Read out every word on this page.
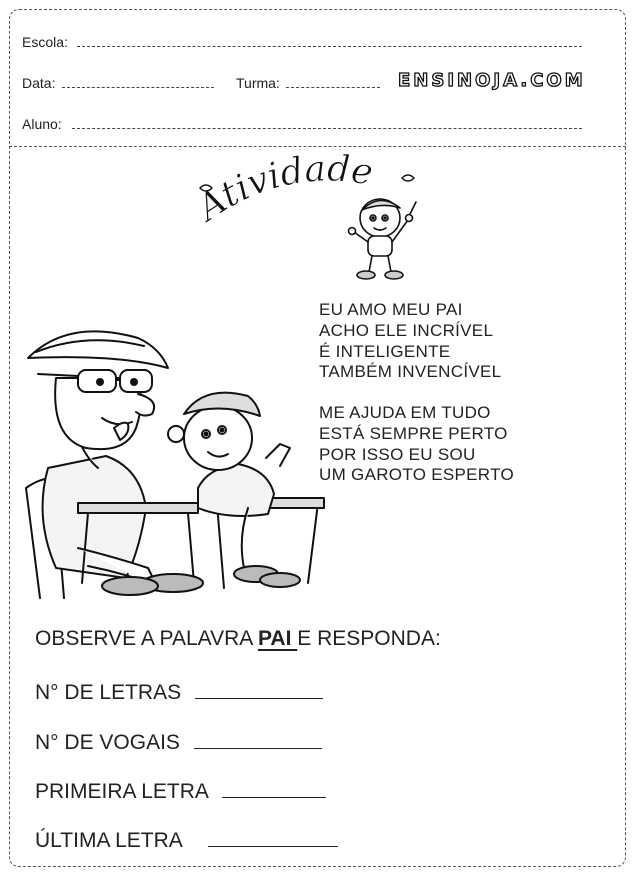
Escola:
Data:	Turma:	ENSINOJA.COM
Aluno:
Atividade
EU AMO MEU PAI
ACHO ELE INCRÍVEL
É INTELIGENTE
TAMBÉM INVENCÍVEL
ME AJUDA EM TUDO
ESTÁ SEMPRE PERTO
POR ISSO EU SOU
UM GAROTO ESPERTO
OBSERVE A PALAVRA PAI E RESPONDA:
N° DE LETRAS
N° DE VOGAIS
PRIMEIRA LETRA
ÚLTIMA LETRA
